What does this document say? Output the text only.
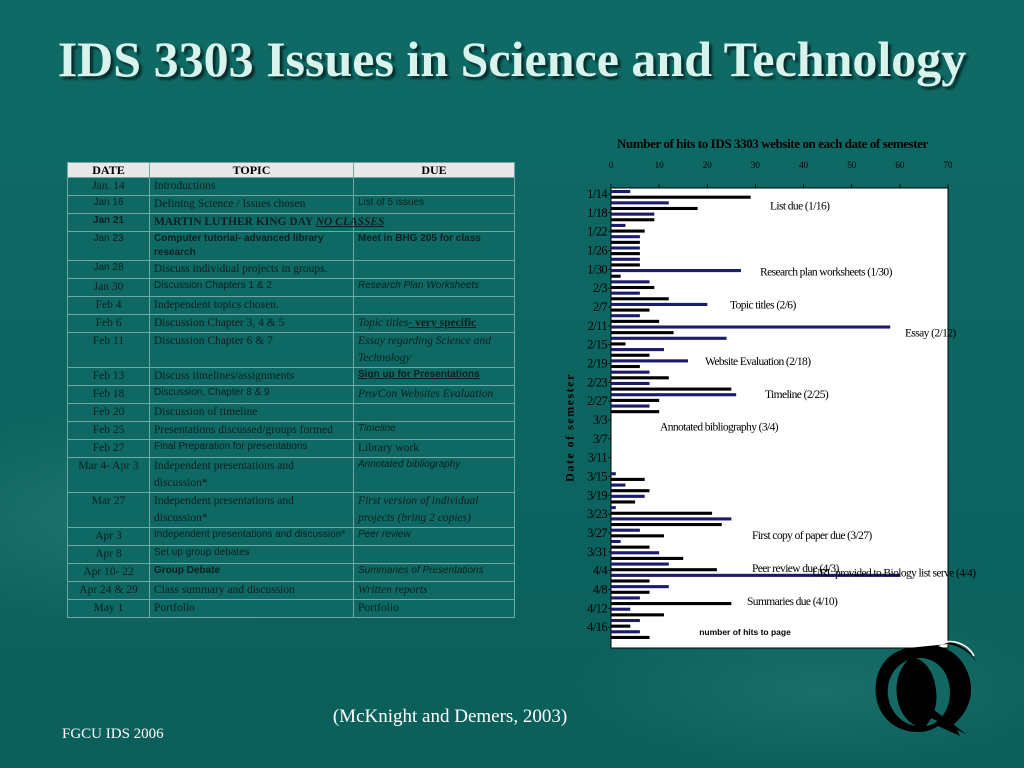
IDS 3303 Issues in Science and Technology
DATE	TOPIC	DUE
Jan. 14	Introductions	
Jan 16	Defining Science / Issues chosen	List of 5 issues
Jan 21	MARTIN LUTHER KING DAY NO CLASSES	
Jan 23	Computer tutorial- advanced library research	Meet in BHG 205 for class
Jan 28	Discuss individual projects in groups.	
Jan 30	Discussion Chapters 1 & 2	Research Plan Worksheets
Feb 4	Independent topics chosen.	
Feb 6	Discussion Chapter 3, 4 & 5	Topic titles- very specific
Feb 11	Discussion Chapter 6 & 7	Essay regarding Science and Technology
Feb 13	Discuss timelines/assignments	Sign up for Presentations
Feb 18	Discussion, Chapter 8 & 9	Pro/Con Websites Evaluation
Feb 20	Discussion of timeline	
Feb 25	Presentations discussed/groups formed	Timeline
Feb 27	Final Preparation for presentations	Library work
Mar 4- Apr 3	Independent presentations and discussion*	Annotated bibliography
Mar 27	Independent presentations and discussion*	First version of individual projects (bring 2 copies)
Apr 3	Independent presentations and discussion*	Peer review
Apr 8	Set up group debates	
Apr 10- 22	Group Debate	Summaries of Presentations
Apr 24 & 29	Class summary and discussion	Written reports
May 1	Portfolio	Portfolio
Number of hits to IDS 3303 website on each date of semester
Date of semester
0	10	20	30	40	50	60	70
1/14
1/18
1/22
1/26
1/30
2/3
2/7
2/11
2/15
2/19
2/23
2/27
3/3
3/7
3/11
3/15
3/19
3/23
3/27
3/31
4/4
4/8
4/12
4/16
List due (1/16)
Research plan worksheets (1/30)
Topic titles (2/6)
Essay (2/12)
Website Evaluation (2/18)
Timeline (2/25)
Annotated bibliography (3/4)
First copy of paper due (3/27)
Peer review due (4/3)
URL provided to Biology list serve (4/4)
Summaries due (4/10)
number of hits to page
(McKnight and Demers, 2003)
FGCU IDS 2006
